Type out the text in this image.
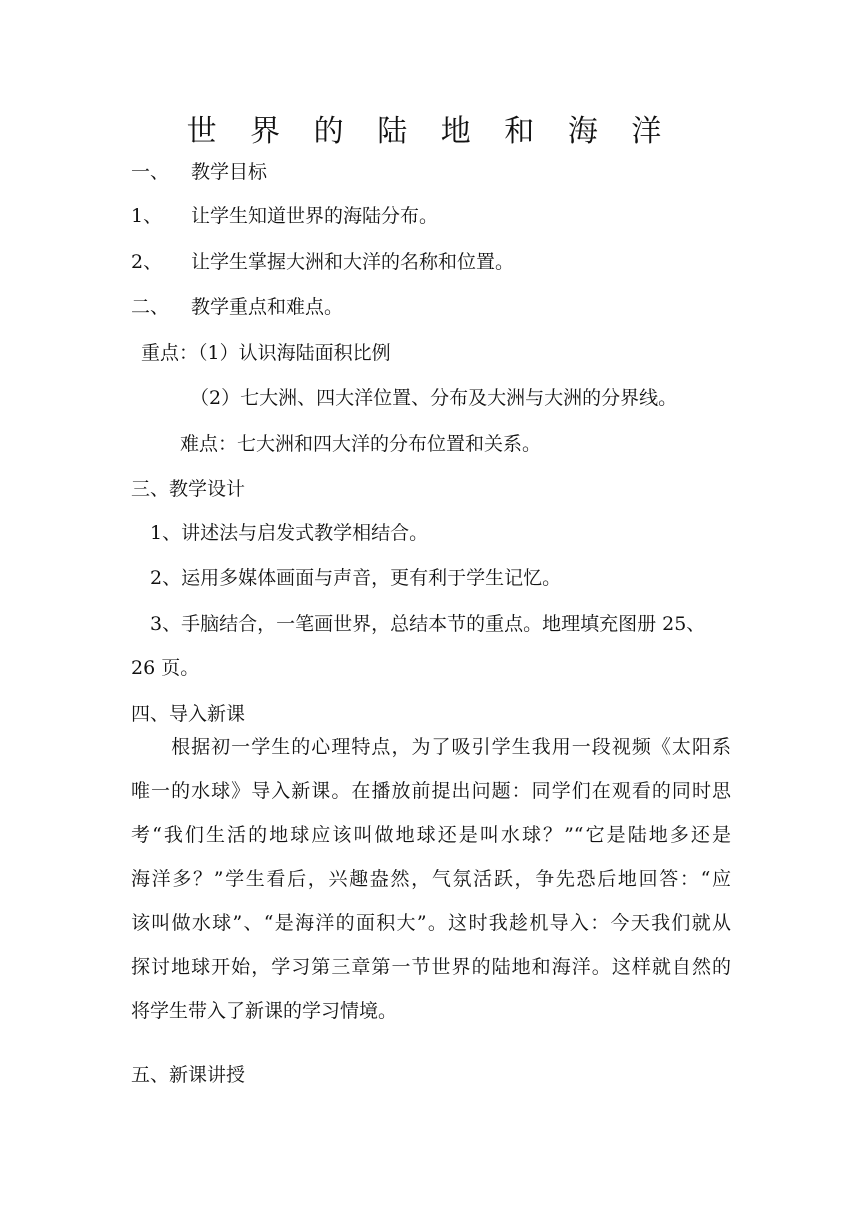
世 界 的 陆 地 和 海 洋
一、 教学目标
1、 让学生知道世界的海陆分布。
2、 让学生掌握大洲和大洋的名称和位置。
二、 教学重点和难点。
重点：（1）认识海陆面积比例
（2）七大洲、四大洋位置、分布及大洲与大洲的分界线。
难点：七大洲和四大洋的分布位置和关系。
三、教学设计
1、讲述法与启发式教学相结合。
2、运用多媒体画面与声音，更有利于学生记忆。
3、手脑结合，一笔画世界，总结本节的重点。地理填充图册 25、
26 页。
四、导入新课
　　根据初一学生的心理特点，为了吸引学生我用一段视频《太阳系
唯一的水球》导入新课。在播放前提出问题：同学们在观看的同时思
考“我们生活的地球应该叫做地球还是叫水球？”“它是陆地多还是
海洋多？”学生看后，兴趣盎然，气氛活跃，争先恐后地回答：“应
该叫做水球”、“是海洋的面积大”。这时我趁机导入：今天我们就从
探讨地球开始，学习第三章第一节世界的陆地和海洋。这样就自然的
将学生带入了新课的学习情境。
五、新课讲授
